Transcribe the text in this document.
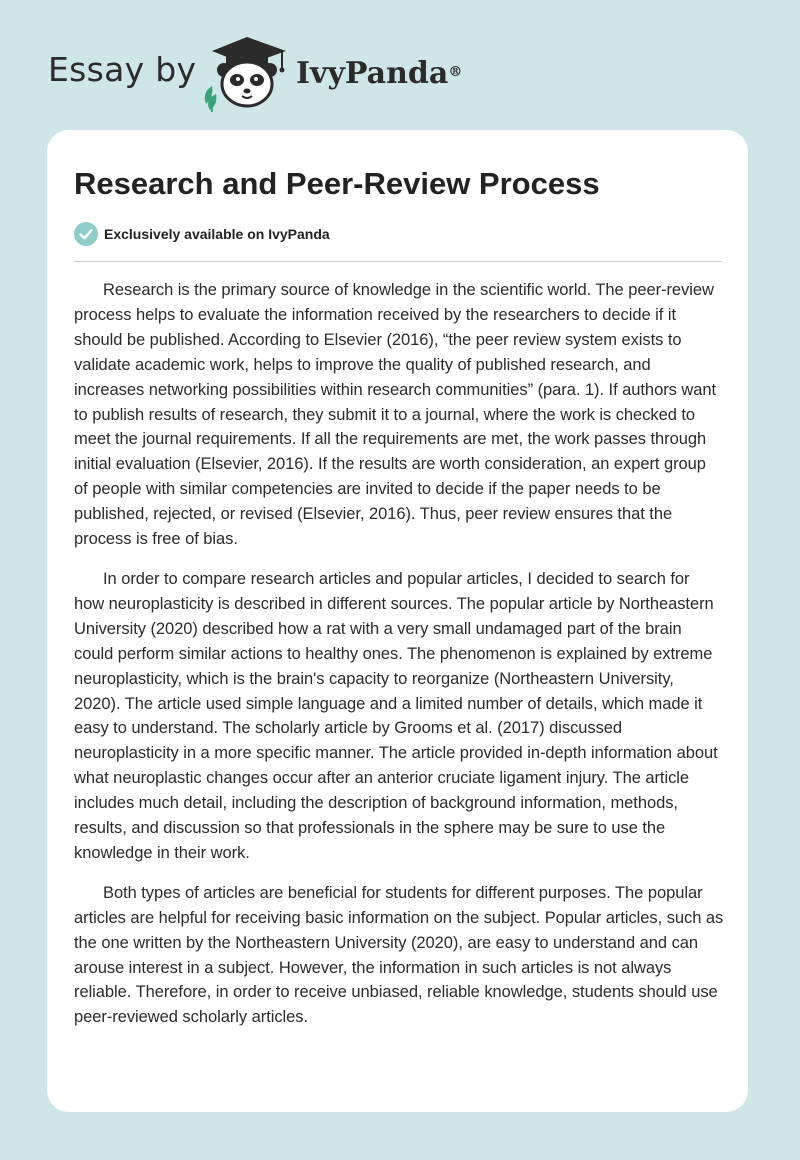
Essay by	IvyPanda®
Research and Peer-Review Process
Exclusively available on IvyPanda

Research is the primary source of knowledge in the scientific world. The peer-review process helps to evaluate the information received by the researchers to decide if it should be published. According to Elsevier (2016), “the peer review system exists to validate academic work, helps to improve the quality of published research, and increases networking possibilities within research communities” (para. 1). If authors want to publish results of research, they submit it to a journal, where the work is checked to meet the journal requirements. If all the requirements are met, the work passes through initial evaluation (Elsevier, 2016). If the results are worth consideration, an expert group of people with similar competencies are invited to decide if the paper needs to be published, rejected, or revised (Elsevier, 2016). Thus, peer review ensures that the process is free of bias.

In order to compare research articles and popular articles, I decided to search for how neuroplasticity is described in different sources. The popular article by Northeastern University (2020) described how a rat with a very small undamaged part of the brain could perform similar actions to healthy ones. The phenomenon is explained by extreme neuroplasticity, which is the brain's capacity to reorganize (Northeastern University, 2020). The article used simple language and a limited number of details, which made it easy to understand. The scholarly article by Grooms et al. (2017) discussed neuroplasticity in a more specific manner. The article provided in-depth information about what neuroplastic changes occur after an anterior cruciate ligament injury. The article includes much detail, including the description of background information, methods, results, and discussion so that professionals in the sphere may be sure to use the knowledge in their work.

Both types of articles are beneficial for students for different purposes. The popular articles are helpful for receiving basic information on the subject. Popular articles, such as the one written by the Northeastern University (2020), are easy to understand and can arouse interest in a subject. However, the information in such articles is not always reliable. Therefore, in order to receive unbiased, reliable knowledge, students should use peer-reviewed scholarly articles.
